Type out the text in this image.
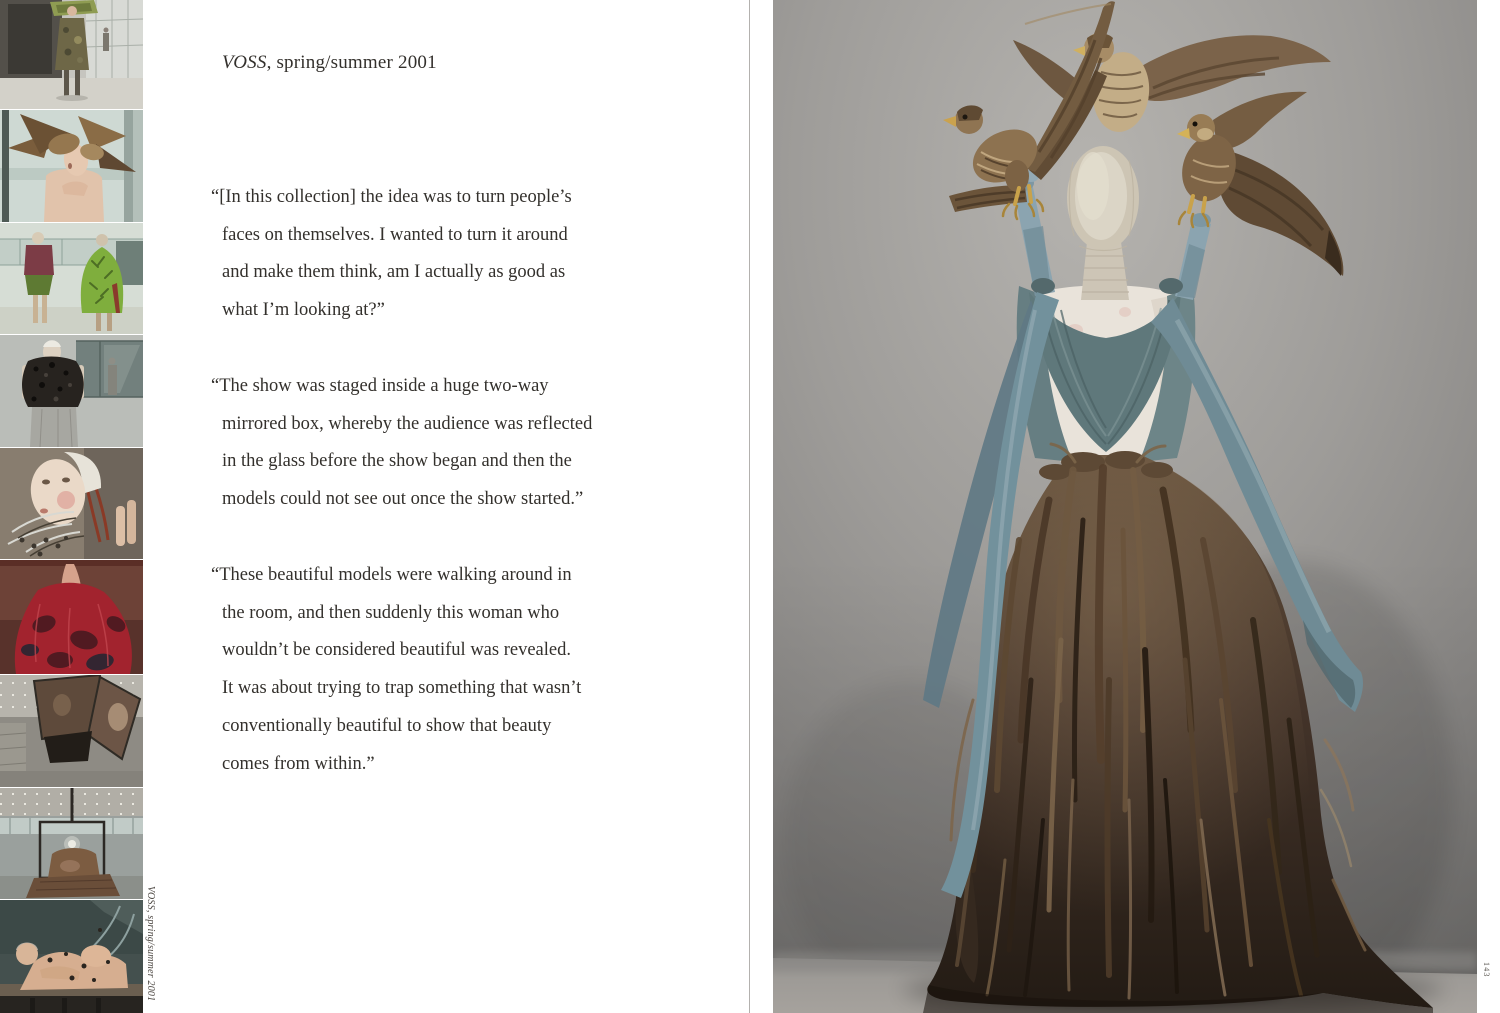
VOSS, spring/summer 2001
VOSS, spring/summer 2001
“[In this collection] the idea was to turn people’s
faces on themselves. I wanted to turn it around
and make them think, am I actually as good as
what I’m looking at?”
“The show was staged inside a huge two-way
mirrored box, whereby the audience was reflected
in the glass before the show began and then the
models could not see out once the show started.”
“These beautiful models were walking around in
the room, and then suddenly this woman who
wouldn’t be considered beautiful was revealed.
It was about trying to trap something that wasn’t
conventionally beautiful to show that beauty
comes from within.”
143
